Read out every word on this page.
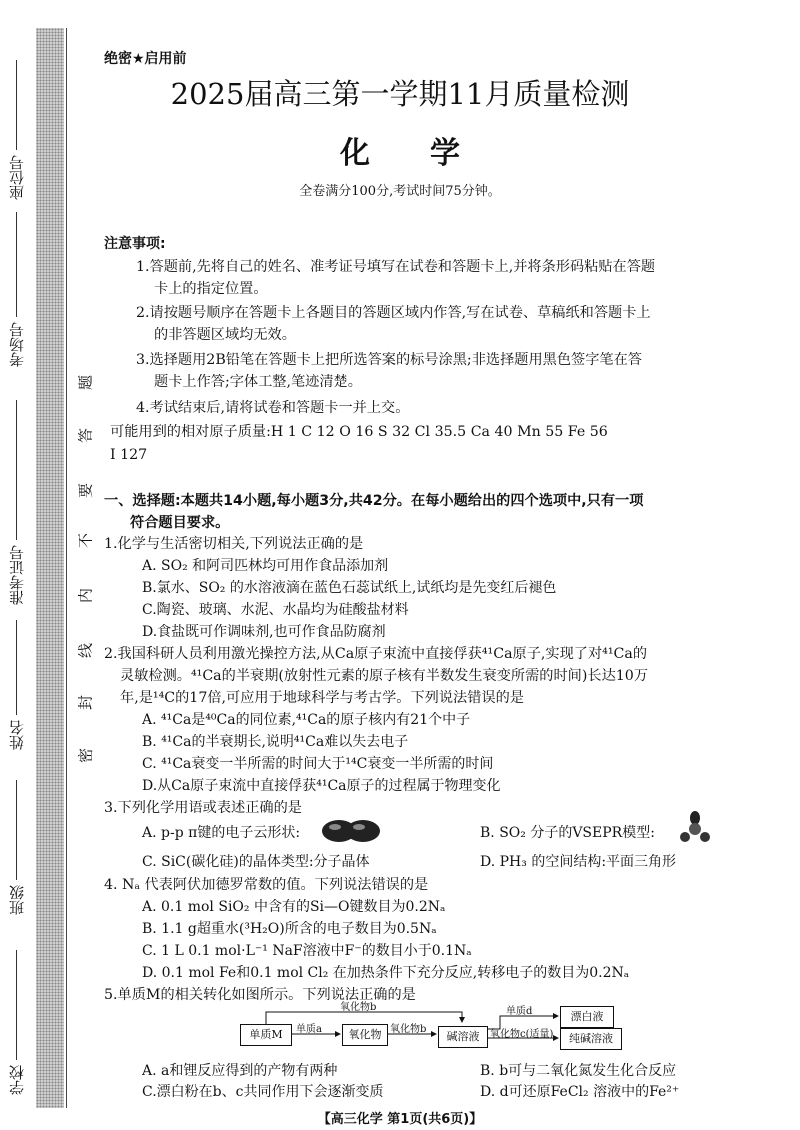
座位号
考场号
准考证号
姓名
班级
学校
题
答
要
不
内
线
封
密
绝密★启用前
2025届高三第一学期11月质量检测
化学
全卷满分100分,考试时间75分钟。
注意事项:
1.答题前,先将自己的姓名、准考证号填写在试卷和答题卡上,并将条形码粘贴在答题
卡上的指定位置。
2.请按题号顺序在答题卡上各题目的答题区域内作答,写在试卷、草稿纸和答题卡上
的非答题区域均无效。
3.选择题用2B铅笔在答题卡上把所选答案的标号涂黑;非选择题用黑色签字笔在答
题卡上作答;字体工整,笔迹清楚。
4.考试结束后,请将试卷和答题卡一并上交。
可能用到的相对原子质量:H 1 C 12 O 16 S 32 Cl 35.5 Ca 40 Mn 55 Fe 56
I 127
一、选择题:本题共14小题,每小题3分,共42分。在每小题给出的四个选项中,只有一项
符合题目要求。
1.化学与生活密切相关,下列说法正确的是
A. SO₂ 和阿司匹林均可用作食品添加剂
B.氯水、SO₂ 的水溶液滴在蓝色石蕊试纸上,试纸均是先变红后褪色
C.陶瓷、玻璃、水泥、水晶均为硅酸盐材料
D.食盐既可作调味剂,也可作食品防腐剂
2.我国科研人员利用激光操控方法,从Ca原子束流中直接俘获⁴¹Ca原子,实现了对⁴¹Ca的
灵敏检测。⁴¹Ca的半衰期(放射性元素的原子核有半数发生衰变所需的时间)长达10万
年,是¹⁴C的17倍,可应用于地球科学与考古学。下列说法错误的是
A. ⁴¹Ca是⁴⁰Ca的同位素,⁴¹Ca的原子核内有21个中子
B. ⁴¹Ca的半衰期长,说明⁴¹Ca难以失去电子
C. ⁴¹Ca衰变一半所需的时间大于¹⁴C衰变一半所需的时间
D.从Ca原子束流中直接俘获⁴¹Ca原子的过程属于物理变化
3.下列化学用语或表述正确的是
A. p-p π键的电子云形状:	B. SO₂ 分子的VSEPR模型:
C. SiC(碳化硅)的晶体类型:分子晶体	D. PH₃ 的空间结构:平面三角形
4. Nₐ 代表阿伏加德罗常数的值。下列说法错误的是
A. 0.1 mol SiO₂ 中含有的Si—O键数目为0.2Nₐ
B. 1.1 g超重水(³H₂O)所含的电子数目为0.5Nₐ
C. 1 L 0.1 mol·L⁻¹ NaF溶液中F⁻的数目小于0.1Nₐ
D. 0.1 mol Fe和0.1 mol Cl₂ 在加热条件下充分反应,转移电子的数目为0.2Nₐ
5.单质M的相关转化如图所示。下列说法正确的是
单质M	氧化物	碱溶液
漂白液
纯碱溶液
单质a	氧化物b
氧化物b	单质d
氧化物c(适量)
A. a和锂反应得到的产物有两种	B. b可与二氧化氮发生化合反应
C.漂白粉在b、c共同作用下会逐渐变质	D. d可还原FeCl₂ 溶液中的Fe²⁺
【高三化学 第1页(共6页)】
